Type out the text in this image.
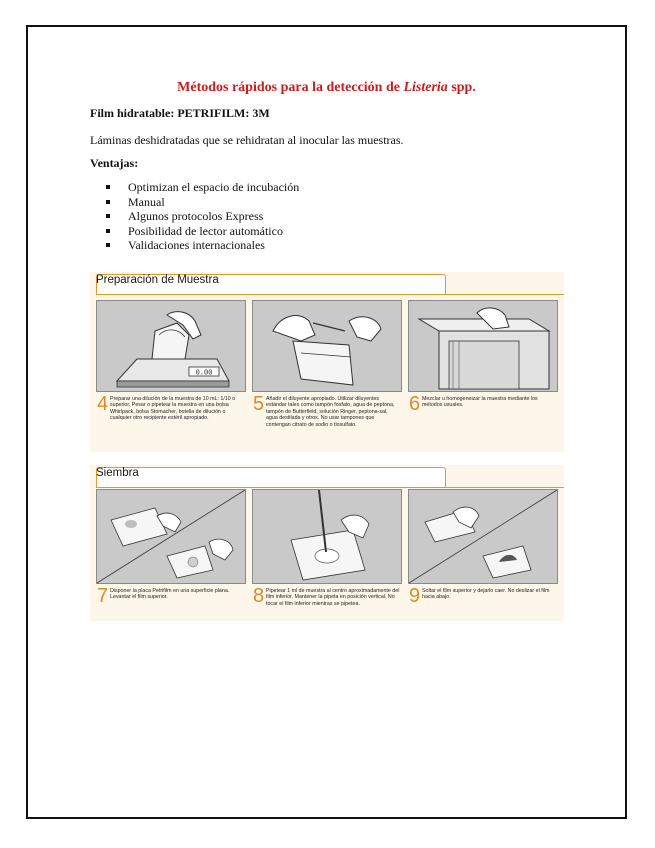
Métodos rápidos para la detección de Listeria spp.
Film hidratable: PETRIFILM: 3M
Láminas deshidratadas que se rehidratan al inocular las muestras.
Ventajas:
Optimizan el espacio de incubación
Manual
Algunos protocolos Express
Posibilidad de lector automático
Validaciones internacionales
Preparación de Muestra
0.00
4 Preparar una dilución de la muestra de 10 mL: 1/10 o superior. Pesar o pipetear la muestra en una bolsa Whirlpack, bolsa Stomacher, botella de dilución o cualquier otro recipiente estéril apropiado.
5 Añadir el diluyente apropiado. Utilizar diluyentes estándar tales como tampón fosfato, agua de peptona, tampón de Butterfield, solución Ringer, peptona-sal, agua destilada y otros. No usar tampones que contengan citrato de sodio o tiosulfato.
6 Mezclar u homogeneizar la muestra mediante los métodos usuales.
Siembra
7 Disponer la placa Petrifilm en una superficie plana. Levantar el film superior.	8 Pipetear 1 ml de muestra al centro aproximadamente del film inferior. Mantener la pipeta en posición vertical. No tocar el film inferior mientras se pipetea.	9 Soltar el film superior y dejarlo caer. No deslizar el film hacia abajo.
